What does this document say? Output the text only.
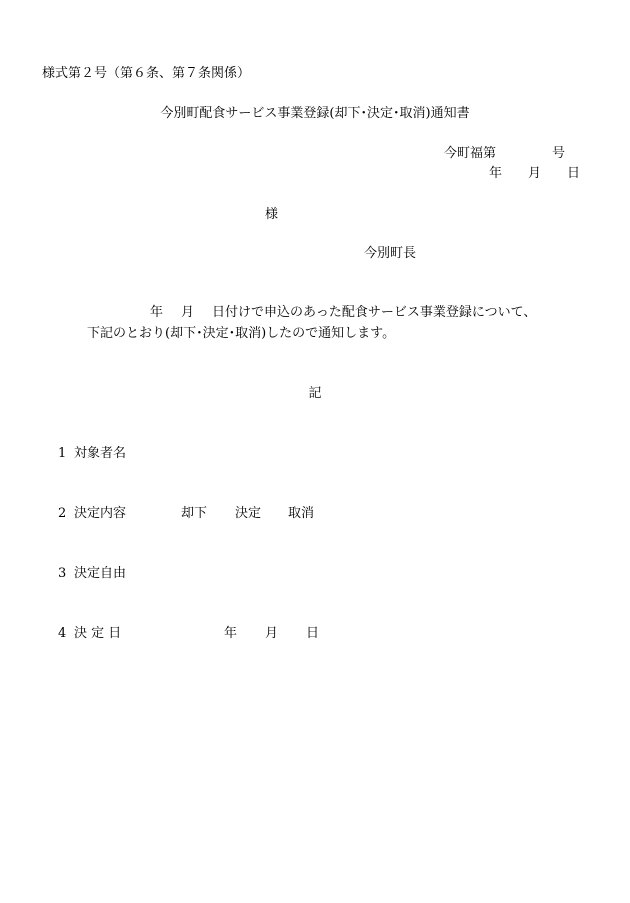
様式第２号（第６条、第７条関係）
今別町配食サービス事業登録(却下･決定･取消)通知書
今町福第	号
年 月 日
様
今別町長
年 月 日付けで申込のあった配食サービス事業登録について、
下記のとおり(却下･決定･取消)したので通知します。
記
1 対象者名
2 決定内容	却下 決定 取消
3 決定自由
4 決 定 日	年 月 日
